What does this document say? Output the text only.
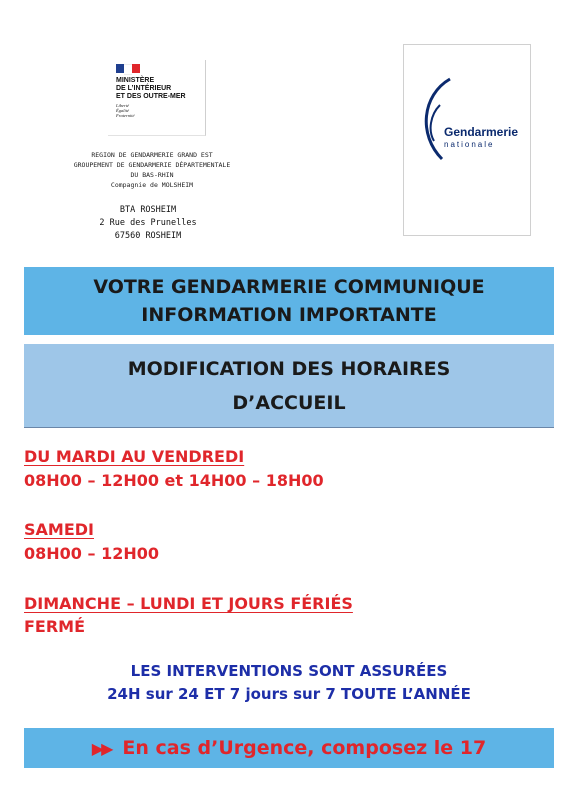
MINISTÈRE
DE L’INTÉRIEUR
ET DES OUTRE-MER
Liberté
Égalité
Fraternité
Gendarmerie
nationale
REGION DE GENDARMERIE GRAND EST
GROUPEMENT DE GENDARMERIE DÉPARTEMENTALE
DU BAS-RHIN
Compagnie de MOLSHEIM
BTA ROSHEIM
2 Rue des Prunelles
67560 ROSHEIM
VOTRE GENDARMERIE COMMUNIQUE
INFORMATION IMPORTANTE
MODIFICATION DES HORAIRES
D’ACCUEIL
DU MARDI AU VENDREDI
08H00 – 12H00 et 14H00 – 18H00
SAMEDI
08H00 – 12H00
DIMANCHE – LUNDI ET JOURS FÉRIÉS
FERMÉ
LES INTERVENTIONS SONT ASSURÉES
24H sur 24 ET 7 jours sur 7 TOUTE L’ANNÉE
▶▶ En cas d’Urgence, composez le 17
